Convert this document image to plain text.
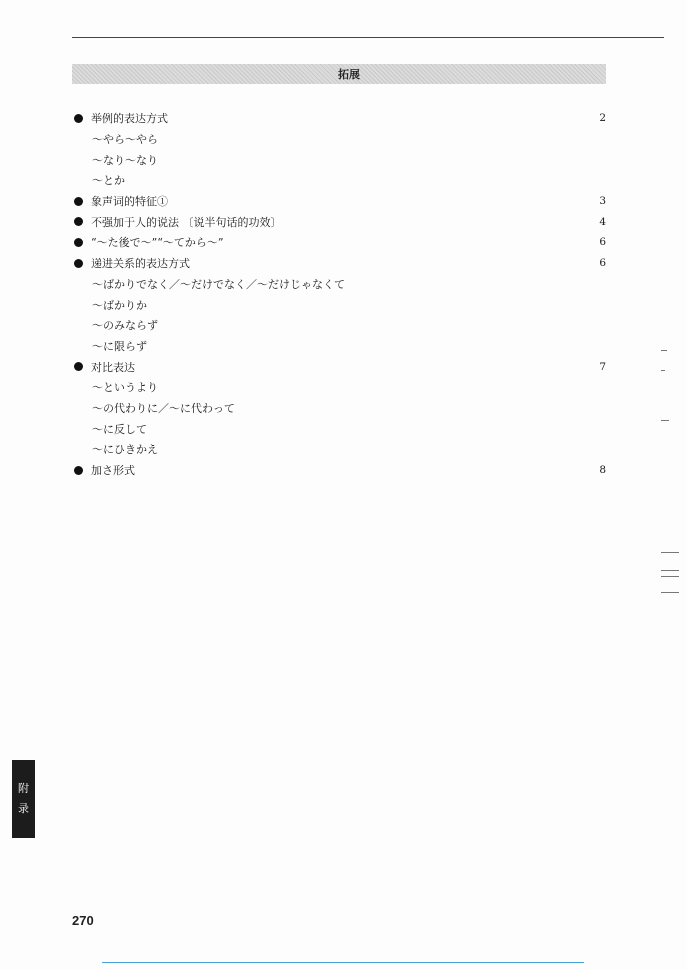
拓展
举例的表达方式	2
～やら～やら
～なり～なり
～とか
象声词的特征①	3
不强加于人的说法 〔说半句话的功效〕	4
“～た後で～”“～てから～”	6
递进关系的表达方式	6
～ばかりでなく／～だけでなく／～だけじゃなくて
～ばかりか
～のみならず
～に限らず
对比表达	7
～というより
～の代わりに／～に代わって
～に反して
～にひきかえ
加さ形式	8
附
录
270
